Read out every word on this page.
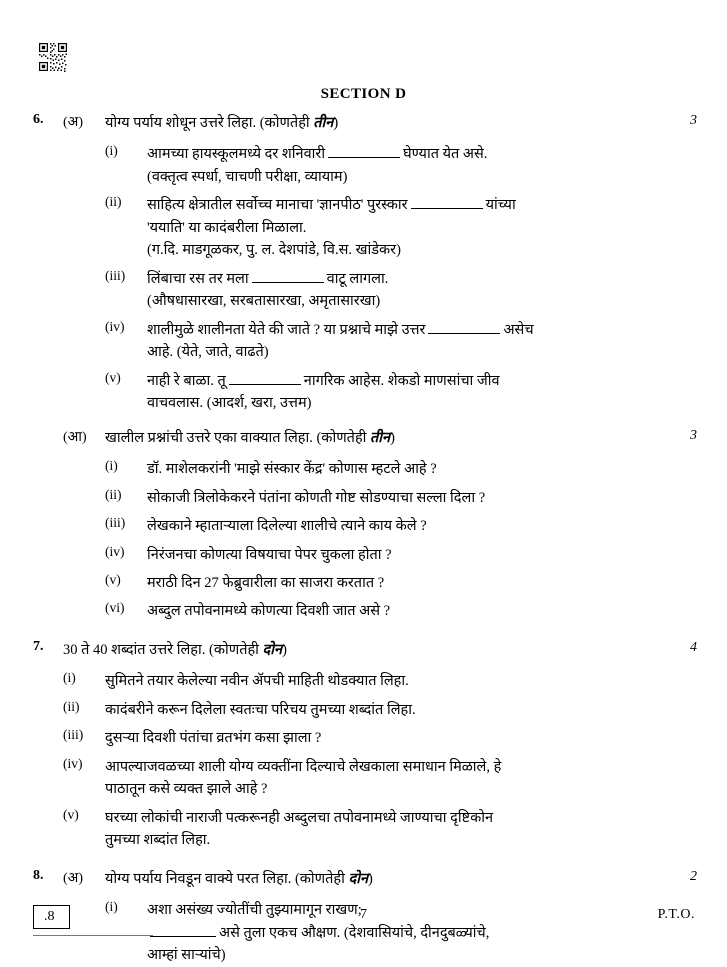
SECTION D
6.	(अ)	योग्य पर्याय शोधून उत्तरे लिहा. (कोणतेही तीन)	3
(i)	आमच्या हायस्कूलमध्ये दर शनिवारी	घेण्यात येत असे.
(वक्तृत्व स्पर्धा, चाचणी परीक्षा, व्यायाम)
(ii)	साहित्य क्षेत्रातील सर्वोच्च मानाचा 'ज्ञानपीठ' पुरस्कार	यांच्या
'ययाति' या कादंबरीला मिळाला.
(ग.दि. माडगूळकर, पु. ल. देशपांडे, वि.स. खांडेकर)
(iii)	लिंबाचा रस तर मला	वाटू लागला.
(औषधासारखा, सरबतासारखा, अमृतासारखा)
(iv)	शालीमुळे शालीनता येते की जाते ? या प्रश्नाचे माझे उत्तर	असेच
आहे. (येते, जाते, वाढते)
(v)	नाही रे बाळा. तू	नागरिक आहेस. शेकडो माणसांचा जीव
वाचवलास. (आदर्श, खरा, उत्तम)
(आ)	खालील प्रश्नांची उत्तरे एका वाक्यात लिहा. (कोणतेही तीन)	3
(i)	डॉ. माशेलकरांनी 'माझे संस्कार केंद्र' कोणास म्हटले आहे ?
(ii)	सोकाजी त्रिलोकेकरने पंतांना कोणती गोष्ट सोडण्याचा सल्ला दिला ?
(iii)	लेखकाने म्हाताऱ्याला दिलेल्या शालीचे त्याने काय केले ?
(iv)	निरंजनचा कोणत्या विषयाचा पेपर चुकला होता ?
(v)	मराठी दिन 27 फेब्रुवारीला का साजरा करतात ?
(vi)	अब्दुल तपोवनामध्ये कोणत्या दिवशी जात असे ?
7.	30 ते 40 शब्दांत उत्तरे लिहा. (कोणतेही दोन)	4
(i)	सुमितने तयार केलेल्या नवीन ॲपची माहिती थोडक्यात लिहा.
(ii)	कादंबरीने करून दिलेला स्वतःचा परिचय तुमच्या शब्दांत लिहा.
(iii)	दुसऱ्या दिवशी पंतांचा व्रतभंग कसा झाला ?
(iv)	आपल्याजवळच्या शाली योग्य व्यक्तींना दिल्याचे लेखकाला समाधान मिळाले, हे
पाठातून कसे व्यक्त झाले आहे ?
(v)	घरच्या लोकांची नाराजी पत्करूनही अब्दुलचा तपोवनामध्ये जाण्याचा दृष्टिकोन
तुमच्या शब्दांत लिहा.
8.	(अ)	योग्य पर्याय निवडून वाक्ये परत लिहा. (कोणतेही दोन)	2
(i)	अशा असंख्य ज्योतींची तुझ्यामागून राखण;
असे तुला एकच औक्षण. (देशवासियांचे, दीनदुबळ्यांचे,
आम्हां साऱ्यांचे)
.8	7	P.T.O.
